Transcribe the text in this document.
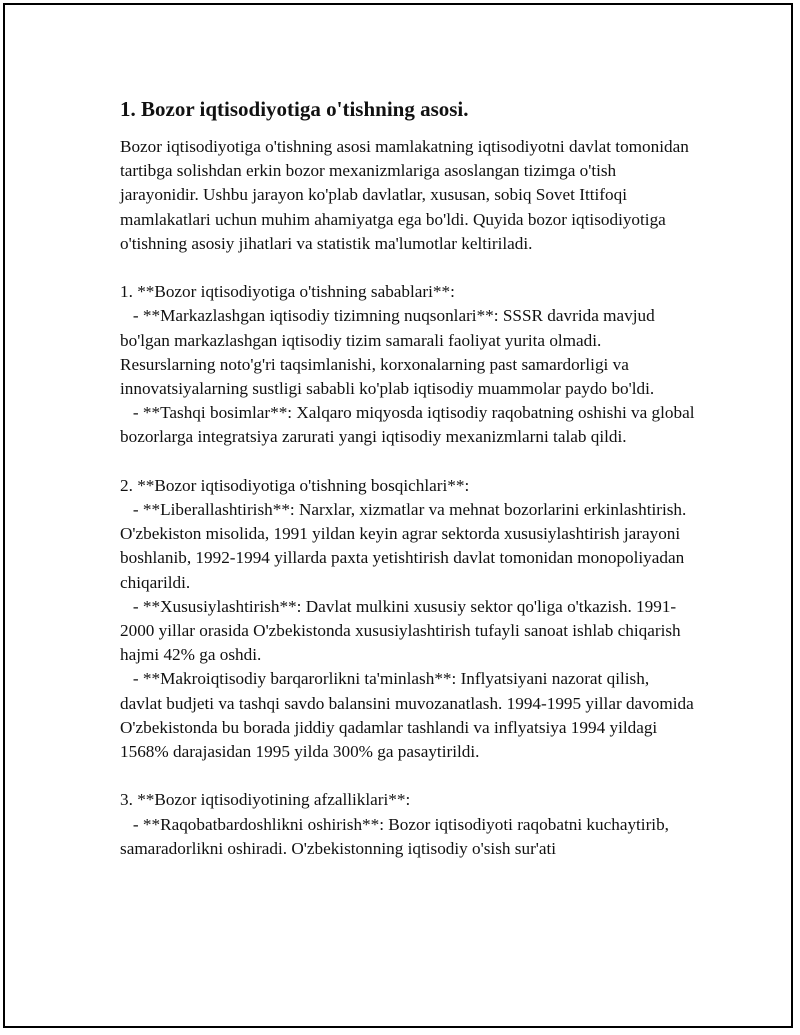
1. Bozor iqtisodiyotiga o'tishning asosi.

Bozor iqtisodiyotiga o'tishning asosi mamlakatning iqtisodiyotni davlat tomonidan tartibga solishdan erkin bozor mexanizmlariga asoslangan tizimga o'tish jarayonidir. Ushbu jarayon ko'plab davlatlar, xususan, sobiq Sovet Ittifoqi mamlakatlari uchun muhim ahamiyatga ega bo'ldi. Quyida bozor iqtisodiyotiga o'tishning asosiy jihatlari va statistik ma'lumotlar keltiriladi.

1. **Bozor iqtisodiyotiga o'tishning sabablari**:

- **Markazlashgan iqtisodiy tizimning nuqsonlari**: SSSR davrida mavjud bo'lgan markazlashgan iqtisodiy tizim samarali faoliyat yurita olmadi. Resurslarning noto'g'ri taqsimlanishi, korxonalarning past samardorligi va innovatsiyalarning sustligi sababli ko'plab iqtisodiy muammolar paydo bo'ldi.

- **Tashqi bosimlar**: Xalqaro miqyosda iqtisodiy raqobatning oshishi va global bozorlarga integratsiya zarurati yangi iqtisodiy mexanizmlarni talab qildi.

2. **Bozor iqtisodiyotiga o'tishning bosqichlari**:

- **Liberallashtirish**: Narxlar, xizmatlar va mehnat bozorlarini erkinlashtirish. O'zbekiston misolida, 1991 yildan keyin agrar sektorda xususiylashtirish jarayoni boshlanib, 1992-1994 yillarda paxta yetishtirish davlat tomonidan monopoliyadan chiqarildi.

- **Xususiylashtirish**: Davlat mulkini xususiy sektor qo'liga o'tkazish. 1991-2000 yillar orasida O'zbekistonda xususiylashtirish tufayli sanoat ishlab chiqarish hajmi 42% ga oshdi.

- **Makroiqtisodiy barqarorlikni ta'minlash**: Inflyatsiyani nazorat qilish, davlat budjeti va tashqi savdo balansini muvozanatlash. 1994-1995 yillar davomida O'zbekistonda bu borada jiddiy qadamlar tashlandi va inflyatsiya 1994 yildagi 1568% darajasidan 1995 yilda 300% ga pasaytirildi.

3. **Bozor iqtisodiyotining afzalliklari**:

- **Raqobatbardoshlikni oshirish**: Bozor iqtisodiyoti raqobatni kuchaytirib, samaradorlikni oshiradi. O'zbekistonning iqtisodiy o'sish sur'ati
